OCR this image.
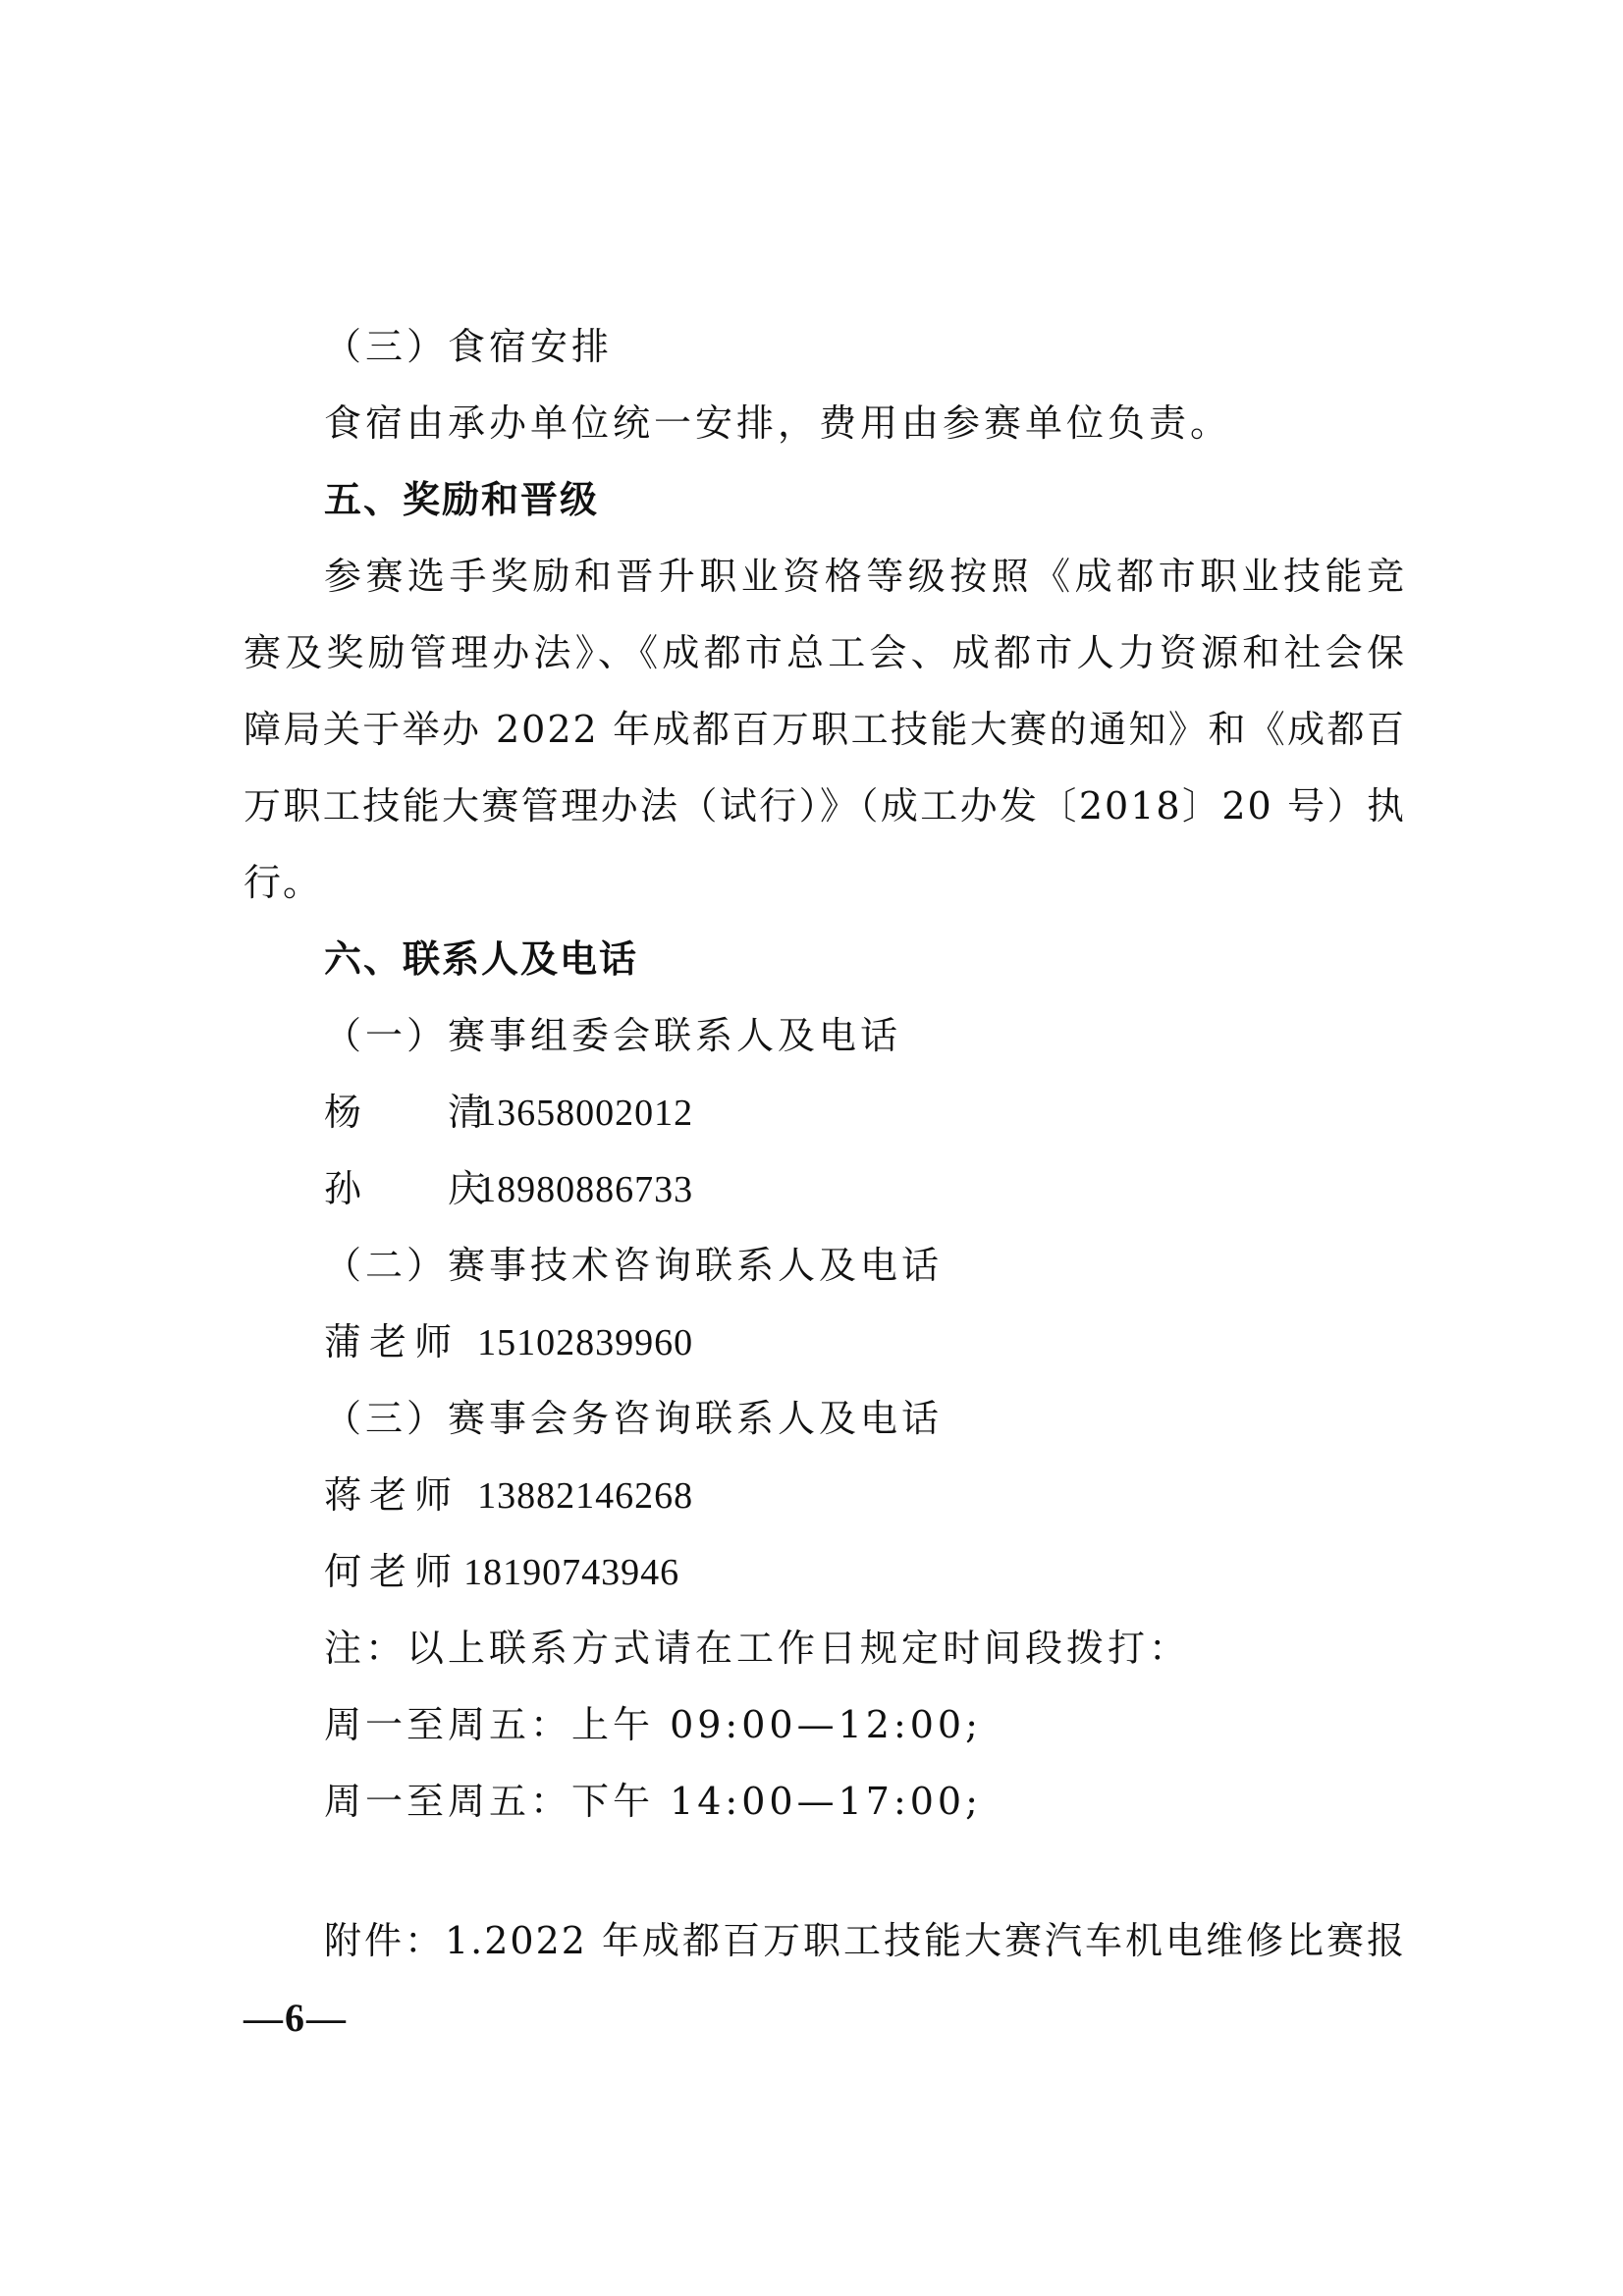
（三）食宿安排
食宿由承办单位统一安排，费用由参赛单位负责。
五、奖励和晋级
参赛选手奖励和晋升职业资格等级按照《成都市职业技能竞
赛及奖励管理办法》、《成都市总工会、成都市人力资源和社会保
障局关于举办 2022 年成都百万职工技能大赛的通知》和《成都百
万职工技能大赛管理办法（试行）》（成工办发〔2018〕20 号）执
行。
六、联系人及电话
（一）赛事组委会联系人及电话
杨 清 13658002012
孙 庆 18980886733
（二）赛事技术咨询联系人及电话
蒲老师 15102839960
（三）赛事会务咨询联系人及电话
蒋老师 13882146268
何老师 18190743946
注：以上联系方式请在工作日规定时间段拨打：
周一至周五：上午 09:00—12:00;
周一至周五：下午 14:00—17:00;
附件：1.2022 年成都百万职工技能大赛汽车机电维修比赛报
—6—
